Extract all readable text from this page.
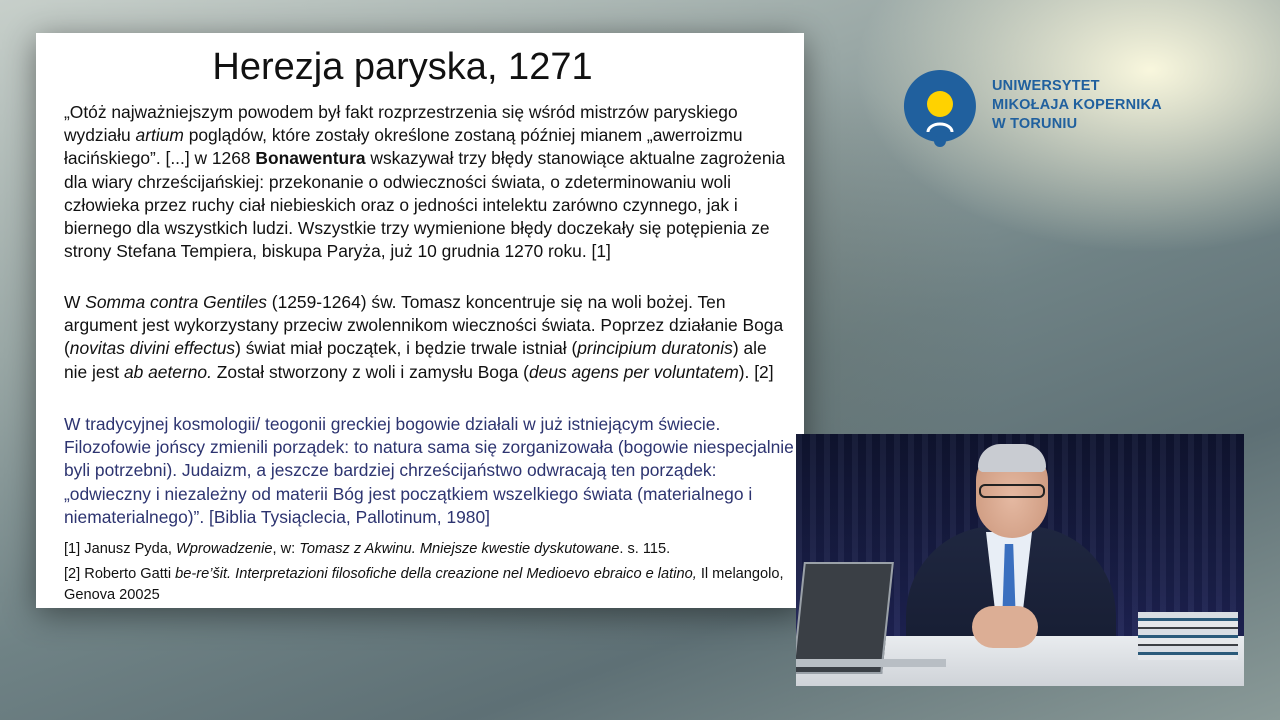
Herezja paryska, 1271
„Otóż najważniejszym powodem był fakt rozprzestrzenia się wśród mistrzów paryskiego wydziału artium poglądów, które zostały określone zostaną później mianem „awerroizmu łacińskiego”. [...] w 1268 Bonawentura wskazywał trzy błędy stanowiące aktualne zagrożenia dla wiary chrześcijańskiej: przekonanie o odwieczności świata, o zdeterminowaniu woli człowieka przez ruchy ciał niebieskich oraz o jedności intelektu zarówno czynnego, jak i biernego dla wszystkich ludzi. Wszystkie trzy wymienione błędy doczekały się potępienia ze strony Stefana Tempiera, biskupa Paryża, już 10 grudnia 1270 roku. [1]
W Somma contra Gentiles (1259-1264) św. Tomasz koncentruje się na woli bożej. Ten argument jest wykorzystany przeciw zwolennikom wieczności świata. Poprzez działanie Boga (novitas divini effectus) świat miał początek, i będzie trwale istniał (principium duratonis) ale nie jest ab aeterno. Został stworzony z woli i zamysłu Boga (deus agens per voluntatem). [2]
W tradycyjnej kosmologii/ teogonii greckiej bogowie działali w już istniejącym świecie. Filozofowie jońscy zmienili porządek: to natura sama się zorganizowała (bogowie niespecjalnie byli potrzebni). Judaizm, a jeszcze bardziej chrześcijaństwo odwracają ten porządek: „odwieczny i niezależny od materii Bóg jest początkiem wszelkiego świata (materialnego i niematerialnego)”. [Biblia Tysiąclecia, Pallotinum, 1980]
[1] Janusz Pyda, Wprowadzenie, w: Tomasz z Akwinu. Mniejsze kwestie dyskutowane. s. 115.
[2] Roberto Gatti be-re’šit. Interpretazioni filosofiche della creazione nel Medioevo ebraico e latino, Il melangolo, Genova 20025
UNIWERSYTET
MIKOŁAJA KOPERNIKA
W TORUNIU
